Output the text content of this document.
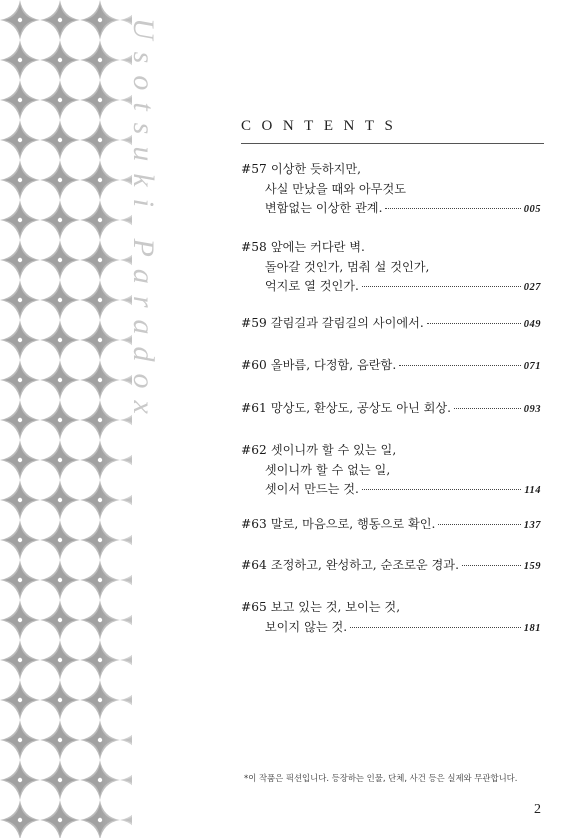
Usotsuki Paradox	CONTENTS
#57 이상한 듯하지만,
사실 만났을 때와 아무것도

변함없는 이상한 관계.	005
#58 앞에는 커다란 벽.
돌아갈 것인가, 멈춰 설 것인가,

억지로 열 것인가.	027
#59
갈림길과 갈림길의 사이에서.	049
#60
올바름, 다정함, 음란함.	071
#61
망상도, 환상도, 공상도 아닌 회상.	093
#62 셋이니까 할 수 있는 일,
셋이니까 할 수 없는 일,

셋이서 만드는 것.	114
#63
말로, 마음으로, 행동으로 확인.	137
#64
조정하고, 완성하고, 순조로운 경과.	159
#65 보고 있는 것, 보이는 것,

보이지 않는 것.	181
*이 작품은 픽션입니다. 등장하는 인물, 단체, 사건 등은 실제와 무관합니다.
2
